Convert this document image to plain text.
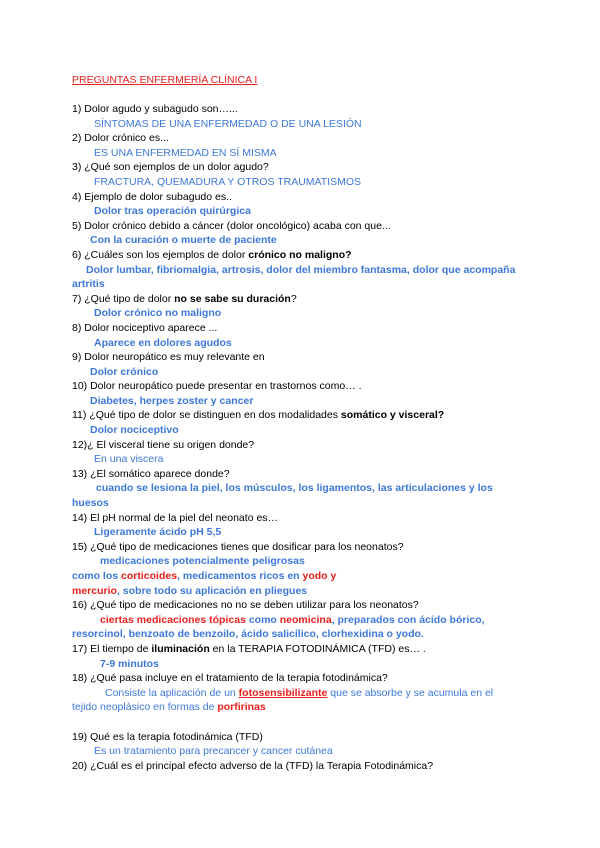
PREGUNTAS ENFERMERÍA CLÍNICA I
1) Dolor agudo y subagudo son…...
SÍNTOMAS DE UNA ENFERMEDAD O DE UNA LESIÓN
2) Dolor crónico es...
ES UNA ENFERMEDAD EN SÍ MISMA
3) ¿Qué son ejemplos de un dolor agudo?
FRACTURA, QUEMADURA Y OTROS TRAUMATISMOS
4) Ejemplo de dolor subagudo es..
Dolor tras operación quirúrgica
5) Dolor crónico debido a cáncer (dolor oncológico) acaba con que...
Con la curación o muerte de paciente
6) ¿Cuáles son los ejemplos de dolor crónico no maligno?
Dolor lumbar, fibriomalgia, artrosis, dolor del miembro fantasma, dolor que acompaña artritis
7) ¿Qué tipo de dolor no se sabe su duración?
Dolor crónico no maligno
8) Dolor nociceptivo aparece ...
Aparece en dolores agudos
9) Dolor neuropático es muy relevante en
Dolor crónico
10) Dolor neuropático puede presentar en trastornos como… .
Diabetes, herpes zoster y cancer
11) ¿Qué tipo de dolor se distinguen en dos modalidades somático y visceral?
Dolor nociceptivo
12)¿ El visceral tiene su origen donde?
En una viscera
13) ¿El somático aparece donde?
cuando se lesiona la piel, los músculos, los ligamentos, las articulaciones y los huesos
14) El pH normal de la piel del neonato es…
Ligeramente ácido pH 5,5
15) ¿Qué tipo de medicaciones tienes que dosificar para los neonatos?
medicaciones potencialmente peligrosas
como los corticoides, medicamentos ricos en yodo y
mercurio, sobre todo su aplicación en pliegues
16) ¿Qué tipo de medicaciones no no se deben utilizar para los neonatos?
ciertas medicaciones tópicas como neomicina, preparados con ácido bórico,
resorcinol, benzoato de benzoilo, ácido salicílico, clorhexidina o yodo.
17) El tiempo de iluminación en la TERAPIA FOTODINÁMICA (TFD) es… .
7-9 minutos
18) ¿Qué pasa incluye en el tratamiento de la terapia fotodinámica?
Consiste la aplicación de un fotosensibilizante que se absorbe y se acumula en el
tejido neoplásico en formas de porfirinas
19) Qué es la terapia fotodinámica (TFD)
Es un tratamiento para precancer y cancer cutánea
20) ¿Cuál es el principal efecto adverso de la (TFD) la Terapia Fotodinámica?
